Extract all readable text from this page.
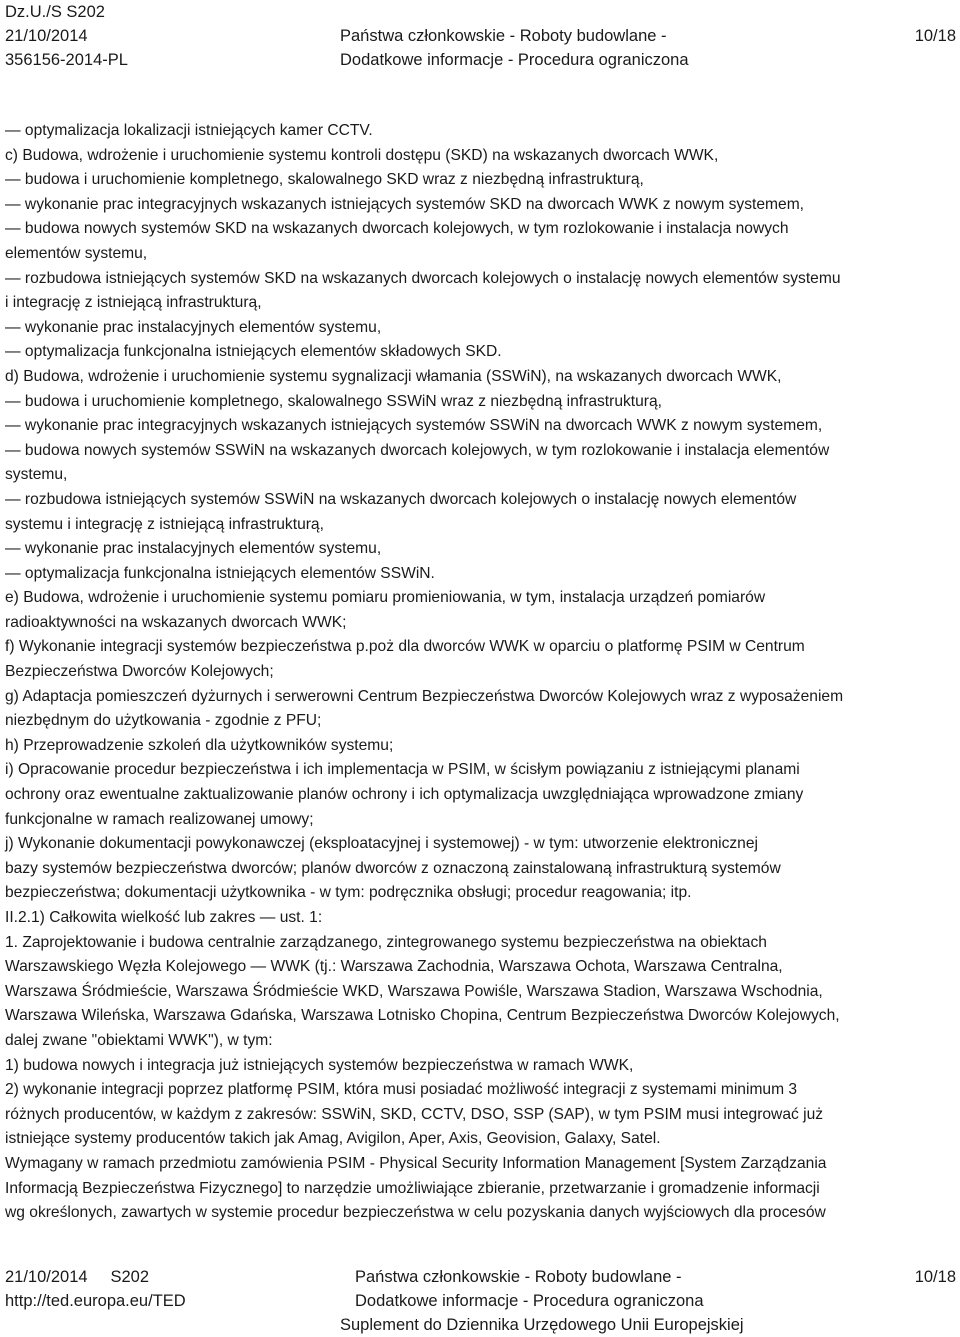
Dz.U./S S202
21/10/2014
356156-2014-PL
Państwa członkowskie - Roboty budowlane -
Dodatkowe informacje - Procedura ograniczona
10/18

— optymalizacja lokalizacji istniejących kamer CCTV.

c) Budowa, wdrożenie i uruchomienie systemu kontroli dostępu (SKD) na wskazanych dworcach WWK,

— budowa i uruchomienie kompletnego, skalowalnego SKD wraz z niezbędną infrastrukturą,

— wykonanie prac integracyjnych wskazanych istniejących systemów SKD na dworcach WWK z nowym systemem,

— budowa nowych systemów SKD na wskazanych dworcach kolejowych, w tym rozlokowanie i instalacja nowych

elementów systemu,

— rozbudowa istniejących systemów SKD na wskazanych dworcach kolejowych o instalację nowych elementów systemu

i integrację z istniejącą infrastrukturą,

— wykonanie prac instalacyjnych elementów systemu,

— optymalizacja funkcjonalna istniejących elementów składowych SKD.

d) Budowa, wdrożenie i uruchomienie systemu sygnalizacji włamania (SSWiN), na wskazanych dworcach WWK,

— budowa i uruchomienie kompletnego, skalowalnego SSWiN wraz z niezbędną infrastrukturą,

— wykonanie prac integracyjnych wskazanych istniejących systemów SSWiN na dworcach WWK z nowym systemem,

— budowa nowych systemów SSWiN na wskazanych dworcach kolejowych, w tym rozlokowanie i instalacja elementów

systemu,

— rozbudowa istniejących systemów SSWiN na wskazanych dworcach kolejowych o instalację nowych elementów

systemu i integrację z istniejącą infrastrukturą,

— wykonanie prac instalacyjnych elementów systemu,

— optymalizacja funkcjonalna istniejących elementów SSWiN.

e) Budowa, wdrożenie i uruchomienie systemu pomiaru promieniowania, w tym, instalacja urządzeń pomiarów

radioaktywności na wskazanych dworcach WWK;

f) Wykonanie integracji systemów bezpieczeństwa p.poż dla dworców WWK w oparciu o platformę PSIM w Centrum

Bezpieczeństwa Dworców Kolejowych;

g) Adaptacja pomieszczeń dyżurnych i serwerowni Centrum Bezpieczeństwa Dworców Kolejowych wraz z wyposażeniem

niezbędnym do użytkowania - zgodnie z PFU;

h) Przeprowadzenie szkoleń dla użytkowników systemu;

i) Opracowanie procedur bezpieczeństwa i ich implementacja w PSIM, w ścisłym powiązaniu z istniejącymi planami

ochrony oraz ewentualne zaktualizowanie planów ochrony i ich optymalizacja uwzględniająca wprowadzone zmiany

funkcjonalne w ramach realizowanej umowy;

j) Wykonanie dokumentacji powykonawczej (eksploatacyjnej i systemowej) - w tym: utworzenie elektronicznej

bazy systemów bezpieczeństwa dworców; planów dworców z oznaczoną zainstalowaną infrastrukturą systemów

bezpieczeństwa; dokumentacji użytkownika - w tym: podręcznika obsługi; procedur reagowania; itp.

II.2.1) Całkowita wielkość lub zakres — ust. 1:

1. Zaprojektowanie i budowa centralnie zarządzanego, zintegrowanego systemu bezpieczeństwa na obiektach

Warszawskiego Węzła Kolejowego — WWK (tj.: Warszawa Zachodnia, Warszawa Ochota, Warszawa Centralna,

Warszawa Śródmieście, Warszawa Śródmieście WKD, Warszawa Powiśle, Warszawa Stadion, Warszawa Wschodnia,

Warszawa Wileńska, Warszawa Gdańska, Warszawa Lotnisko Chopina, Centrum Bezpieczeństwa Dworców Kolejowych,

dalej zwane "obiektami WWK"), w tym:

1) budowa nowych i integracja już istniejących systemów bezpieczeństwa w ramach WWK,

2) wykonanie integracji poprzez platformę PSIM, która musi posiadać możliwość integracji z systemami minimum 3

różnych producentów, w każdym z zakresów: SSWiN, SKD, CCTV, DSO, SSP (SAP), w tym PSIM musi integrować już

istniejące systemy producentów takich jak Amag, Avigilon, Aper, Axis, Geovision, Galaxy, Satel.

Wymagany w ramach przedmiotu zamówienia PSIM - Physical Security Information Management [System Zarządzania

Informacją Bezpieczeństwa Fizycznego] to narzędzie umożliwiające zbieranie, przetwarzanie i gromadzenie informacji

wg określonych, zawartych w systemie procedur bezpieczeństwa w celu pozyskania danych wyjściowych dla procesów

21/10/2014     S202
http://ted.europa.eu/TED
Państwa członkowskie - Roboty budowlane -
Dodatkowe informacje - Procedura ograniczona
Suplement do Dziennika Urzędowego Unii Europejskiej
10/18
